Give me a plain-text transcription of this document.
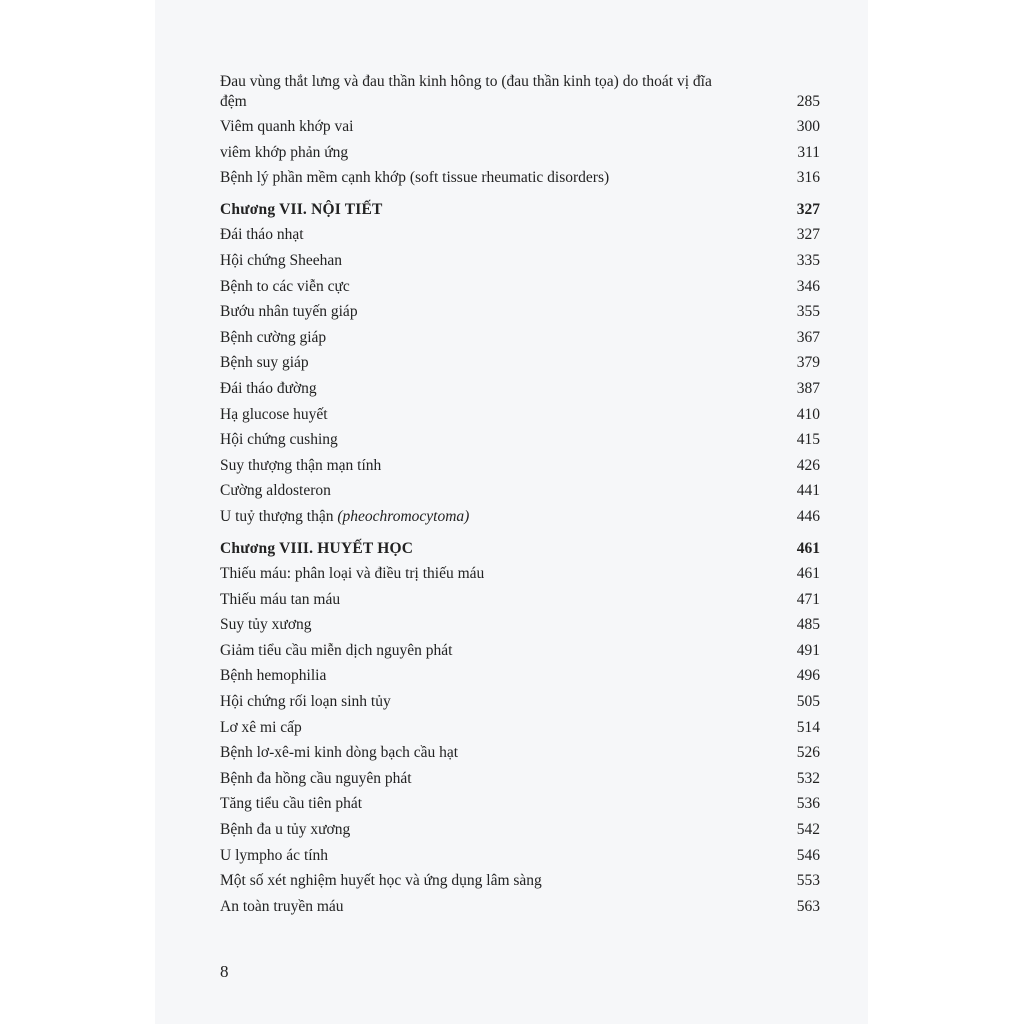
Đau vùng thắt lưng và đau thần kinh hông to (đau thần kinh tọa) do thoát vị đĩa đệm	285
Viêm quanh khớp vai	300
viêm khớp phản ứng	311
Bệnh lý phần mềm cạnh khớp (soft tissue rheumatic disorders)	316
Chương VII. NỘI TIẾT	327
Đái tháo nhạt	327
Hội chứng Sheehan	335
Bệnh to các viễn cực	346
Bướu nhân tuyến giáp	355
Bệnh cường giáp	367
Bệnh suy giáp	379
Đái tháo đường	387
Hạ glucose huyết	410
Hội chứng cushing	415
Suy thượng thận mạn tính	426
Cường aldosteron	441
U tuỷ thượng thận (pheochromocytoma)	446
Chương VIII. HUYẾT HỌC	461
Thiếu máu: phân loại và điều trị thiếu máu	461
Thiếu máu tan máu	471
Suy tủy xương	485
Giảm tiểu cầu miễn dịch nguyên phát	491
Bệnh hemophilia	496
Hội chứng rối loạn sinh tủy	505
Lơ xê mi cấp	514
Bệnh lơ-xê-mi kinh dòng bạch cầu hạt	526
Bệnh đa hồng cầu nguyên phát	532
Tăng tiểu cầu tiên phát	536
Bệnh đa u tủy xương	542
U lympho ác tính	546
Một số xét nghiệm huyết học và ứng dụng lâm sàng	553
An toàn truyền máu	563
8
